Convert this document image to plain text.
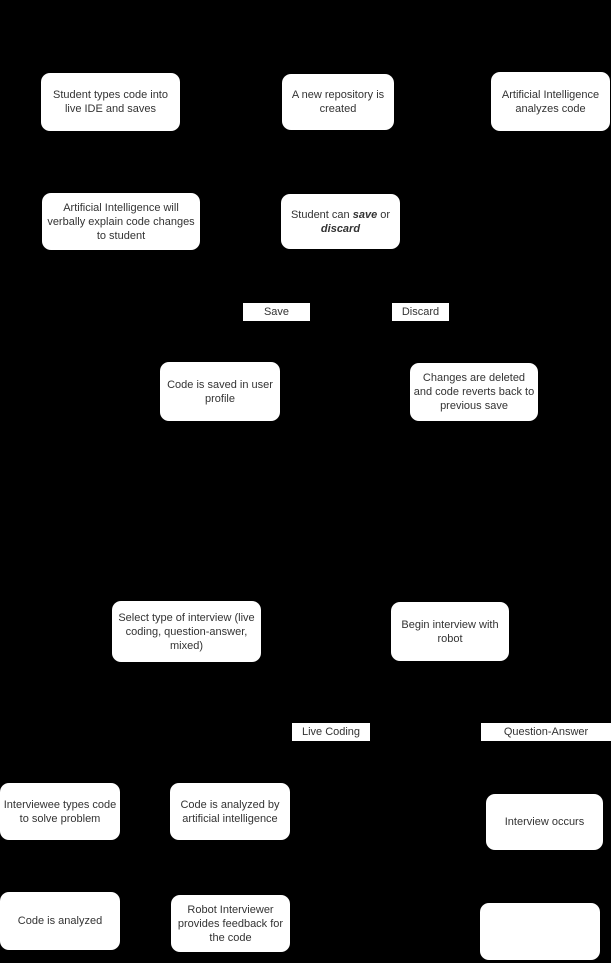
Student types code into live IDE and saves
A new repository is created
Artificial Intelligence analyzes code
Artificial Intelligence will verbally explain code changes to student
Student can save or discard
Save	Discard
Code is saved in user profile
Changes are deleted and code reverts back to previous save
Select type of interview (live coding, question-answer, mixed)
Begin interview with robot
Live Coding	Question-Answer
Interviewee types code to solve problem
Code is analyzed by artificial intelligence	Interview occurs
Code is analyzed
Robot Interviewer provides feedback for the code
